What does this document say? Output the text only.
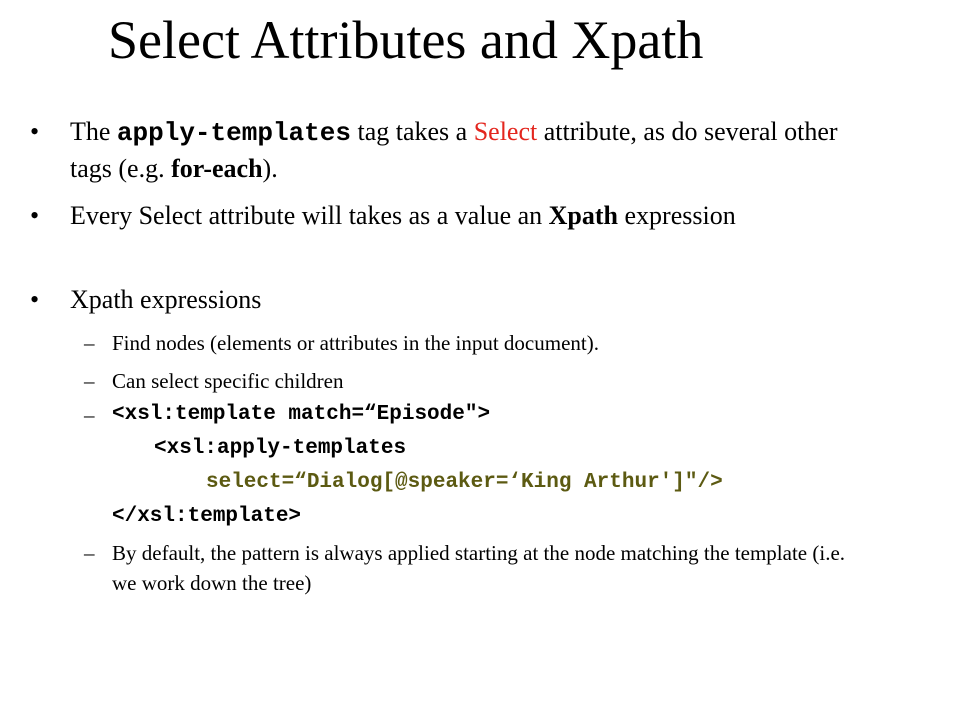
Select Attributes and Xpath
• The apply-templates tag takes a Select attribute, as do several other tags (e.g. for-each).
• Every Select attribute will takes as a value an Xpath expression
• Xpath expressions
– Find nodes (elements or attributes in the input document).
– Can select specific children
– <xsl:template match=“Episode">
<xsl:apply-templates
select=“Dialog[@speaker=‘King Arthur']"/>
</xsl:template>
– By default, the pattern is always applied starting at the node matching the template (i.e. we work down the tree)
